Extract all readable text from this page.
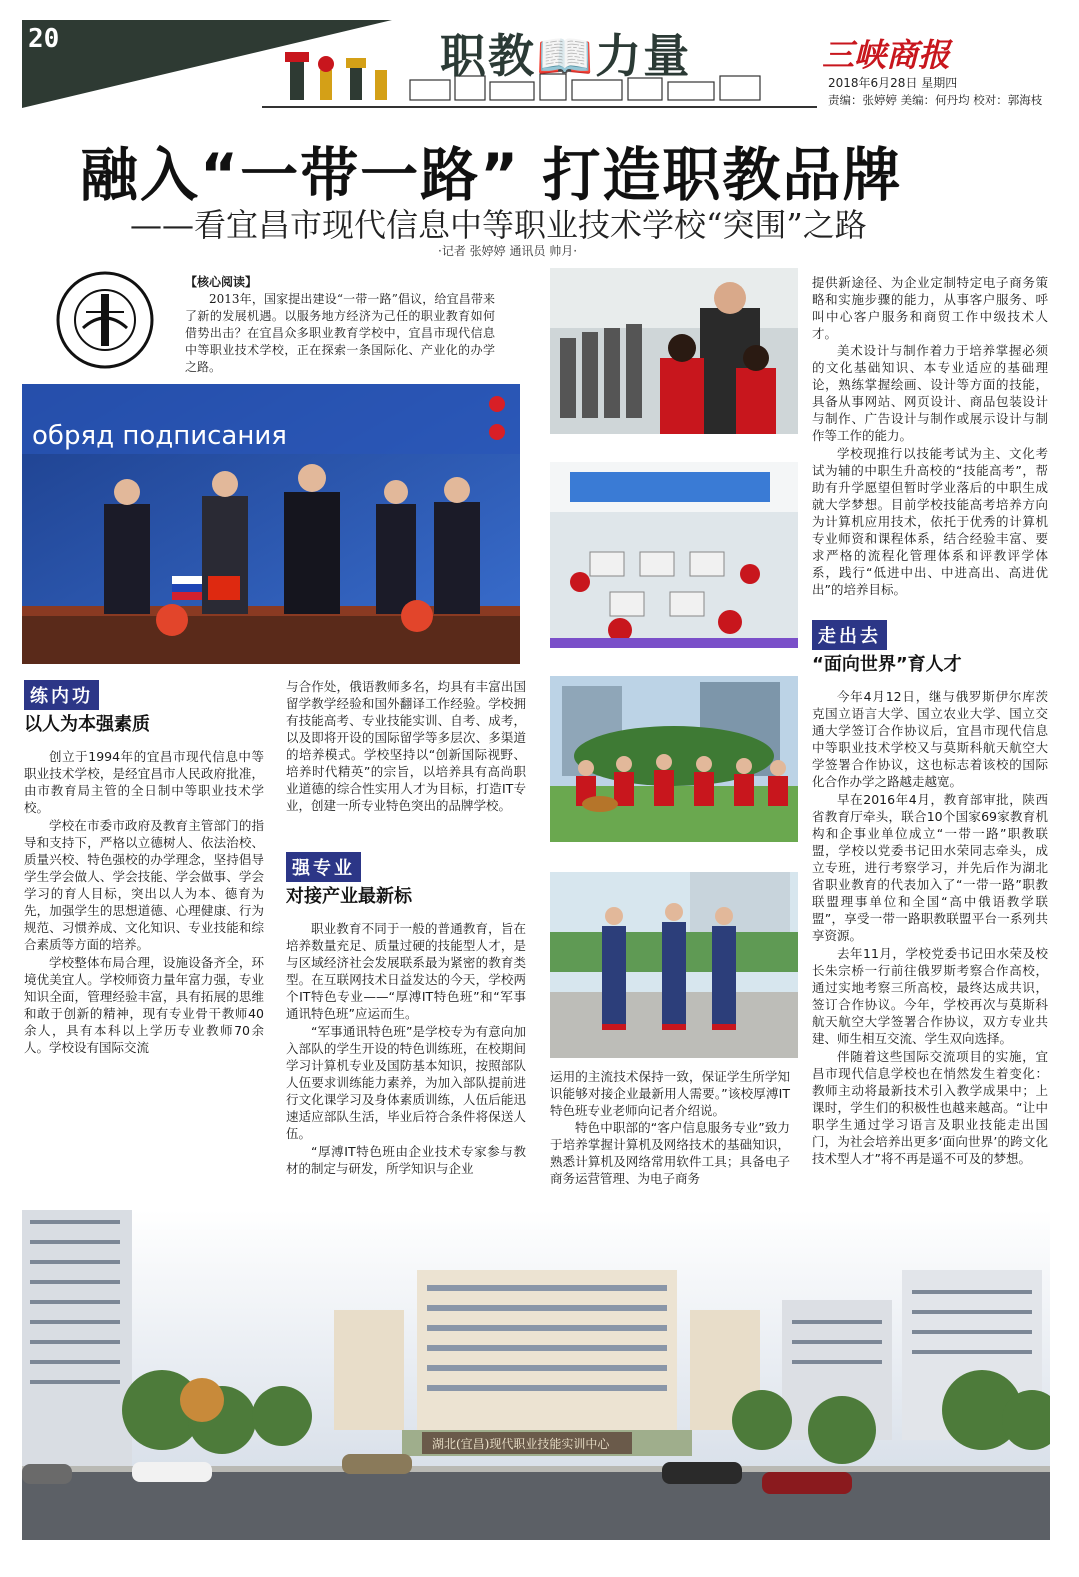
20	职教📖力量	三峡商报
2018年6月28日 星期四
责编：张婷婷 美编：何丹均 校对：郭海枝
融入“一带一路” 打造职教品牌
——看宜昌市现代信息中等职业技术学校“突围”之路
·记者 张婷婷 通讯员 帅月·
【核心阅读】

2013年，国家提出建设“一带一路”倡议，给宜昌带来了新的发展机遇。以服务地方经济为己任的职业教育如何借势出击？在宜昌众多职业教育学校中，宜昌市现代信息中等职业技术学校，正在探索一条国际化、产业化的办学之路。
обряд подписания
练内功
以人为本强素质

创立于1994年的宜昌市现代信息中等职业技术学校，是经宜昌市人民政府批准，由市教育局主管的全日制中等职业技术学校。

学校在市委市政府及教育主管部门的指导和支持下，严格以立德树人、依法治校、质量兴校、特色强校的办学理念，坚持倡导学生学会做人、学会技能、学会做事、学会学习的育人目标，突出以人为本、德育为先，加强学生的思想道德、心理健康、行为规范、习惯养成、文化知识、专业技能和综合素质等方面的培养。

学校整体布局合理，设施设备齐全，环境优美宜人。学校师资力量年富力强，专业知识全面，管理经验丰富，具有拓展的思维和敢于创新的精神，现有专业骨干教师40余人，具有本科以上学历专业教师70余人。学校设有国际交流

与合作处，俄语教师多名，均具有丰富出国留学教学经验和国外翻译工作经验。学校拥有技能高考、专业技能实训、自考、成考，以及即将开设的国际留学等多层次、多渠道的培养模式。学校坚持以“创新国际视野、培养时代精英”的宗旨，以培养具有高尚职业道德的综合性实用人才为目标，打造IT专业，创建一所专业特色突出的品牌学校。
强专业
对接产业最新标

职业教育不同于一般的普通教育，旨在培养数量充足、质量过硬的技能型人才，是与区域经济社会发展联系最为紧密的教育类型。在互联网技术日益发达的今天，学校两个IT特色专业——“厚溥IT特色班”和“军事通讯特色班”应运而生。

“军事通讯特色班”是学校专为有意向加入部队的学生开设的特色训练班，在校期间学习计算机专业及国防基本知识，按照部队人伍要求训练能力素养，为加入部队提前进行文化课学习及身体素质训练，人伍后能迅速适应部队生活，毕业后符合条件将保送人伍。

“厚溥IT特色班由企业技术专家参与教材的制定与研发，所学知识与企业

运用的主流技术保持一致，保证学生所学知识能够对接企业最新用人需要。”该校厚溥IT特色班专业老师向记者介绍说。

特色中职部的“客户信息服务专业”致力于培养掌握计算机及网络技术的基础知识，熟悉计算机及网络常用软件工具；具备电子商务运营管理、为电子商务

提供新途径、为企业定制特定电子商务策略和实施步骤的能力，从事客户服务、呼叫中心客户服务和商贸工作中级技术人才。

美术设计与制作着力于培养掌握必须的文化基础知识、本专业适应的基础理论，熟练掌握绘画、设计等方面的技能，具备从事网站、网页设计、商品包装设计与制作、广告设计与制作或展示设计与制作等工作的能力。

学校现推行以技能考试为主、文化考试为辅的中职生升高校的“技能高考”，帮助有升学愿望但暂时学业落后的中职生成就大学梦想。目前学校技能高考培养方向为计算机应用技术，依托于优秀的计算机专业师资和课程体系，结合经验丰富、要求严格的流程化管理体系和评教评学体系，践行“低进中出、中进高出、高进优出”的培养目标。

走出去
“面向世界”育人才

今年4月12日，继与俄罗斯伊尔库茨克国立语言大学、国立农业大学、国立交通大学签订合作协议后，宜昌市现代信息中等职业技术学校又与莫斯科航天航空大学签署合作协议，这也标志着该校的国际化合作办学之路越走越宽。

早在2016年4月，教育部审批，陕西省教育厅牵头，联合10个国家69家教育机构和企事业单位成立“一带一路”职教联盟，学校以党委书记田水荣同志牵头，成立专班，进行考察学习，并先后作为湖北省职业教育的代表加入了“一带一路”职教联盟理事单位和全国“高中俄语教学联盟”，享受一带一路职教联盟平台一系列共享资源。

去年11月，学校党委书记田水荣及校长朱宗桥一行前往俄罗斯考察合作高校，通过实地考察三所高校，最终达成共识，签订合作协议。今年，学校再次与莫斯科航天航空大学签署合作协议，双方专业共建、师生相互交流、学生双向选择。

伴随着这些国际交流项目的实施，宜昌市现代信息学校也在悄然发生着变化：教师主动将最新技术引入教学成果中；上课时，学生们的积极性也越来越高。“让中职学生通过学习语言及职业技能走出国门，为社会培养出更多‘面向世界’的跨文化技术型人才”将不再是遥不可及的梦想。

湖北(宜昌)现代职业技能实训中心
